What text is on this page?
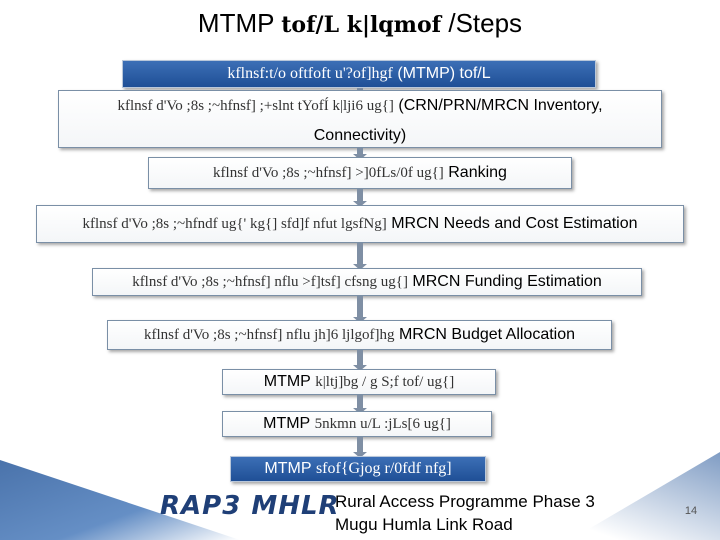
MTMP tof/L k|lqmof /Steps
kflnsf:t/o oftfoft u'?of]hgf (MTMP) tof/L
kflnsf d'Vo ;8s ;~hfnsf] ;+slnt tYofÍ k|lji6 ug{] (CRN/PRN/MRCN Inventory,
Connectivity)
kflnsf d'Vo ;8s ;~hfnsf] >]0fLs/0f ug{] Ranking
kflnsf d'Vo ;8s ;~hfndf ug{' kg{] sfd]f nfut lgsfNg] MRCN Needs and Cost Estimation
kflnsf d'Vo ;8s ;~hfnsf] nflu >f]tsf] cfsng ug{] MRCN Funding Estimation
kflnsf d'Vo ;8s ;~hfnsf] nflu jh]6 ljlgof]hg MRCN Budget Allocation
MTMP k|ltj]bg / g S;f tof/ ug{]
MTMP 5nkmn u/L :jLs[6 ug{]
MTMP sfof{Gjog r/0fdf nfg]
RAP3 MHLR
Rural Access Programme Phase 3
Mugu Humla Link Road
14
